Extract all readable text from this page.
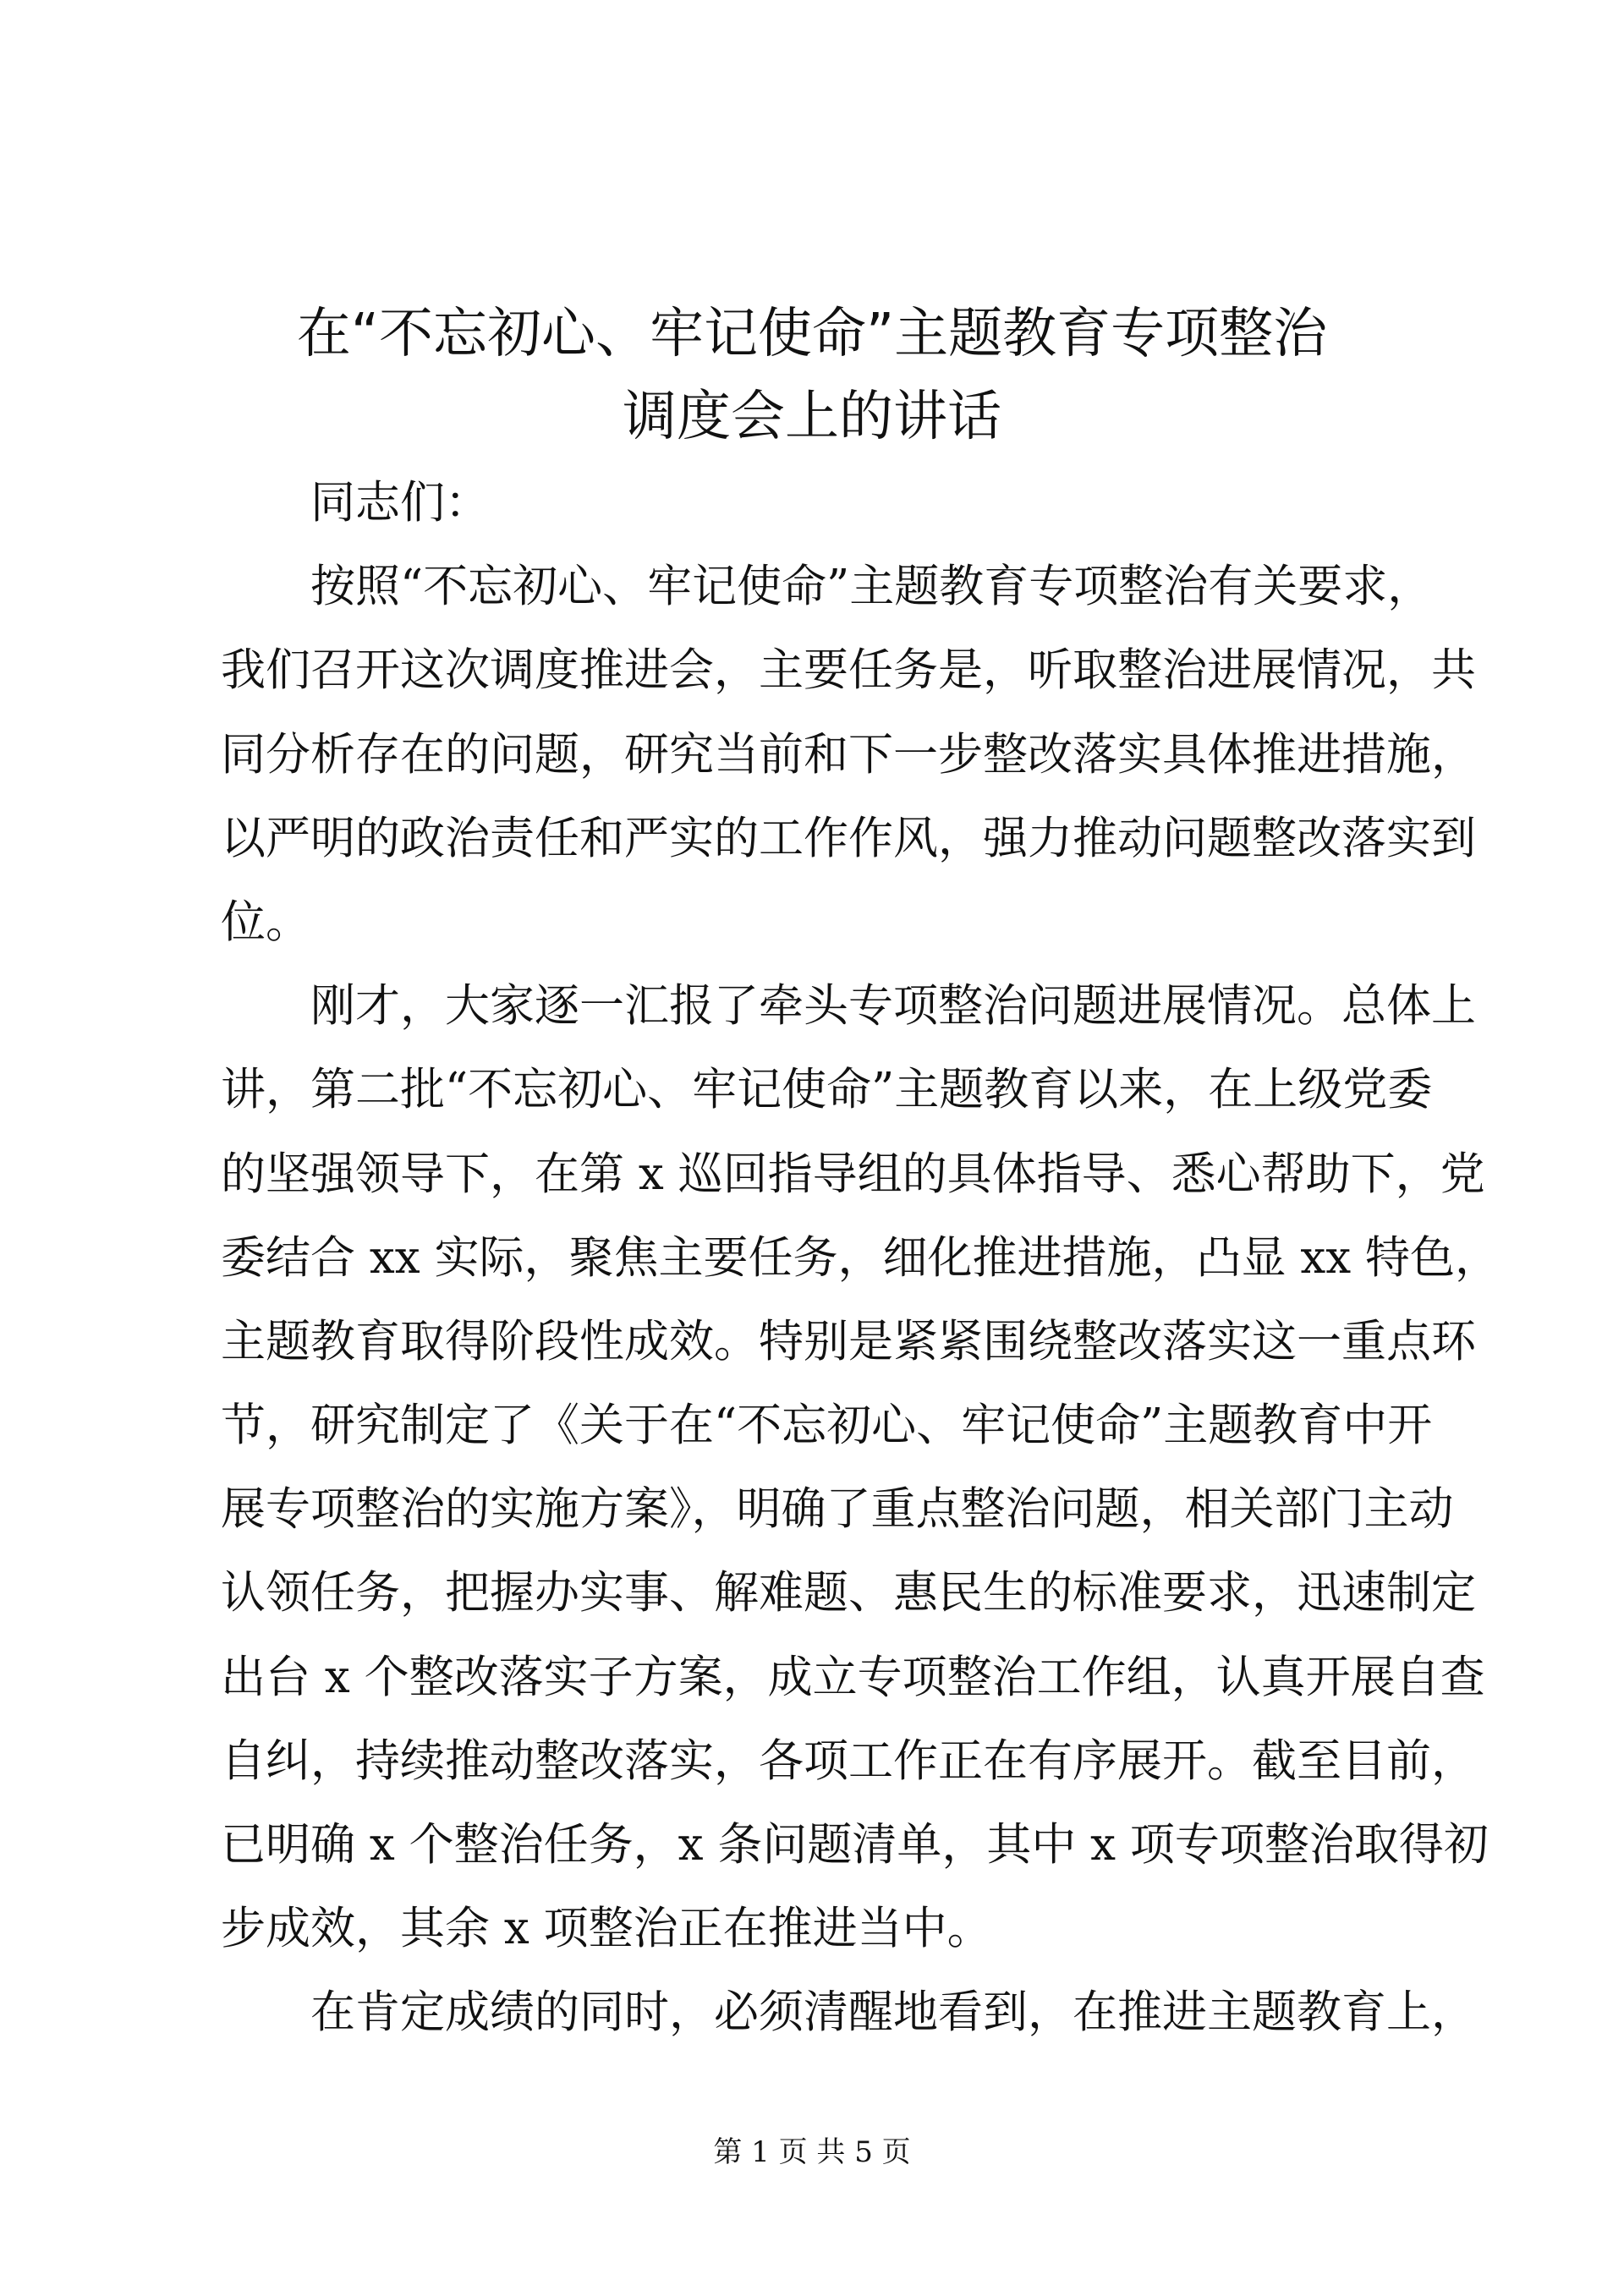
在“不忘初心、牢记使命”主题教育专项整治
调度会上的讲话
同志们：
按照“不忘初心、牢记使命”主题教育专项整治有关要求，
我们召开这次调度推进会，主要任务是，听取整治进展情况，共
同分析存在的问题，研究当前和下一步整改落实具体推进措施，
以严明的政治责任和严实的工作作风，强力推动问题整改落实到
位。
刚才，大家逐一汇报了牵头专项整治问题进展情况。总体上
讲，第二批“不忘初心、牢记使命”主题教育以来，在上级党委
的坚强领导下，在第 x 巡回指导组的具体指导、悉心帮助下，党
委结合 xx 实际，聚焦主要任务，细化推进措施，凸显 xx 特色，
主题教育取得阶段性成效。特别是紧紧围绕整改落实这一重点环
节，研究制定了《关于在“不忘初心、牢记使命”主题教育中开
展专项整治的实施方案》，明确了重点整治问题，相关部门主动
认领任务，把握办实事、解难题、惠民生的标准要求，迅速制定
出台 x 个整改落实子方案，成立专项整治工作组，认真开展自查
自纠，持续推动整改落实，各项工作正在有序展开。截至目前，
已明确 x 个整治任务，x 条问题清单，其中 x 项专项整治取得初
步成效，其余 x 项整治正在推进当中。
在肯定成绩的同时，必须清醒地看到，在推进主题教育上，
第 1 页 共 5 页
